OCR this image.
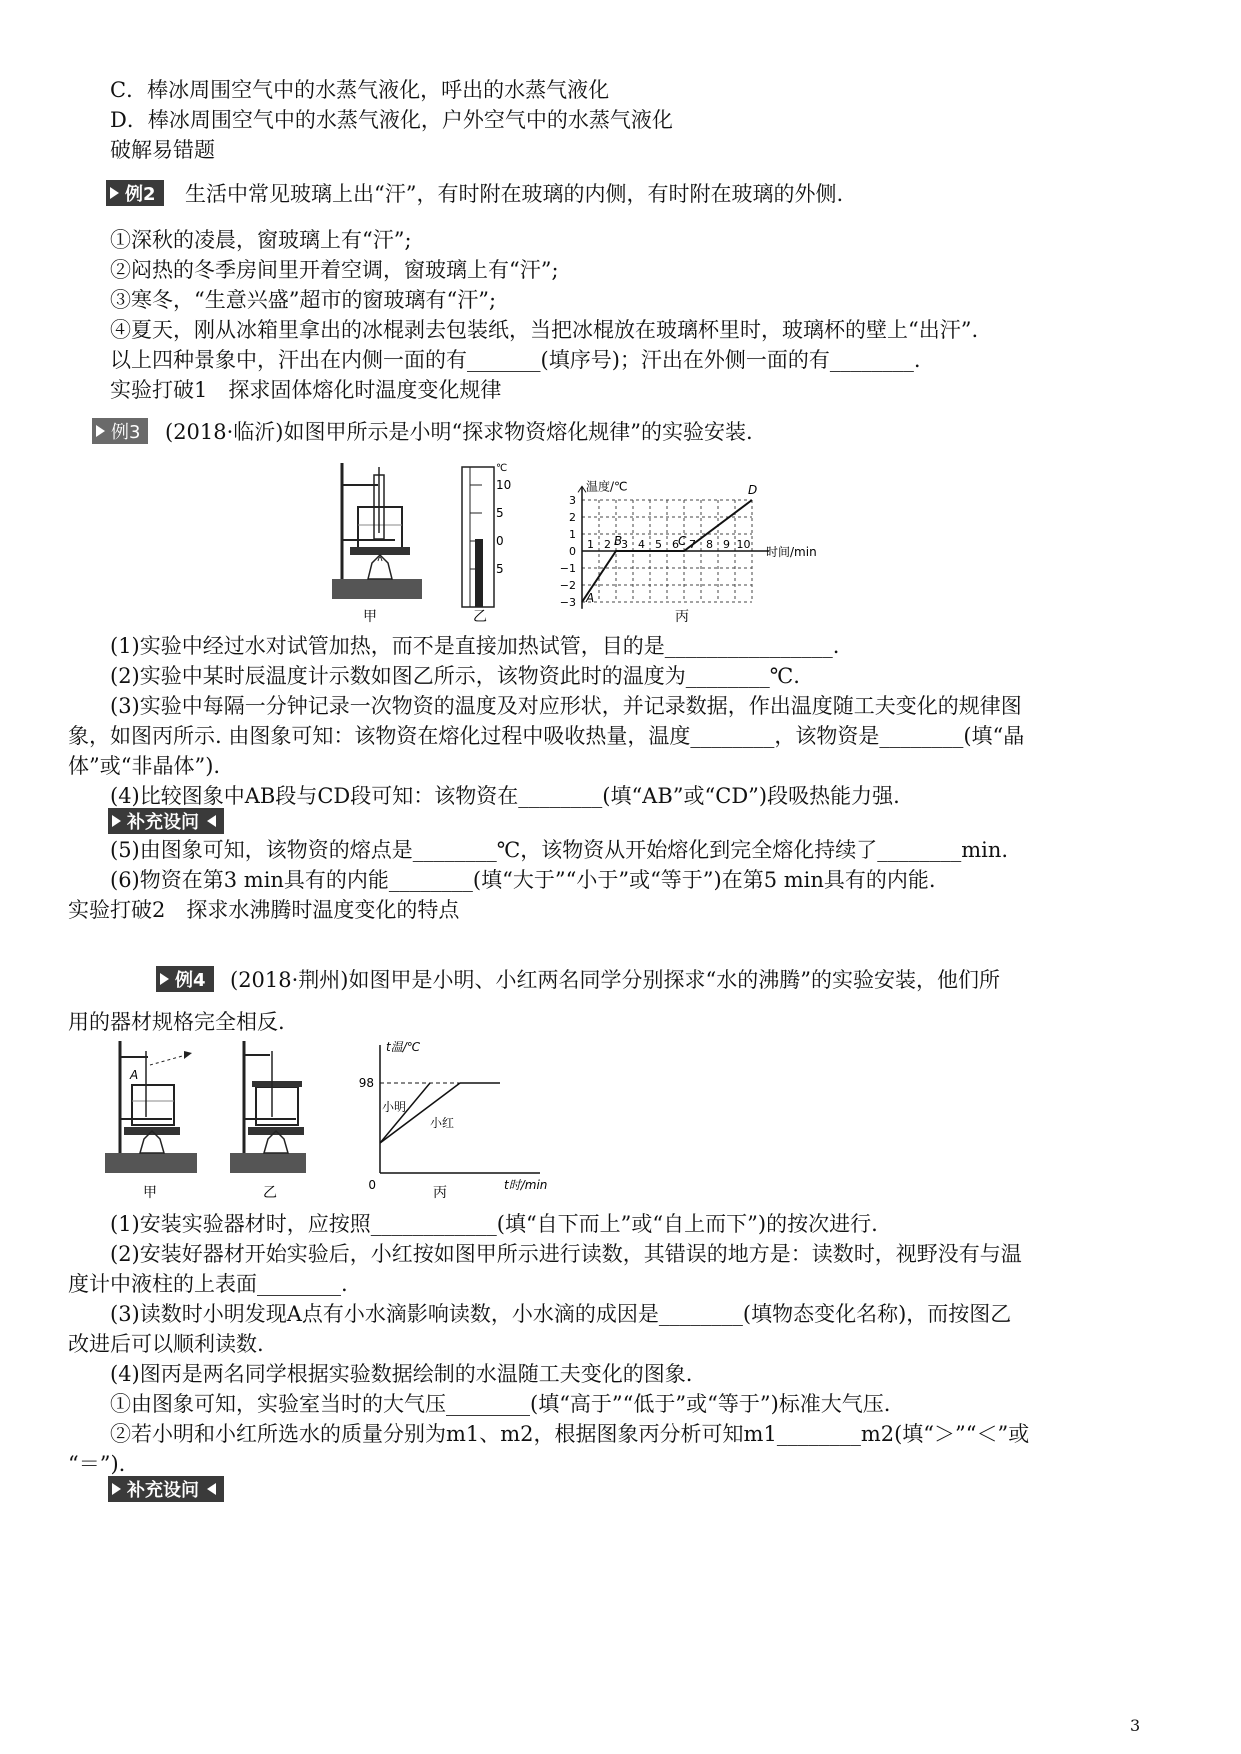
C．棒冰周围空气中的水蒸气液化，呼出的水蒸气液化
D．棒冰周围空气中的水蒸气液化，户外空气中的水蒸气液化
破解易错题
例2 生活中常见玻璃上出“汗”，有时附在玻璃的内侧，有时附在玻璃的外侧.
①深秋的凌晨，窗玻璃上有“汗”;
②闷热的冬季房间里开着空调，窗玻璃上有“汗”;
③寒冬，“生意兴盛”超市的窗玻璃有“汗”;
④夏天，刚从冰箱里拿出的冰棍剥去包装纸，当把冰棍放在玻璃杯里时，玻璃杯的壁上“出汗”.
以上四种景象中，汗出在内侧一面的有_______(填序号)；汗出在外侧一面的有________.
实验打破1　探求固体熔化时温度变化规律
例3 (2018·临沂)如图甲所示是小明“探求物资熔化规律”的实验安装.
甲
℃
10
5
0
5
乙
3
2
1
0
−1
−2
−3
1 2 3 4 5 6 7 8 9 10
温度/℃
时间/min
A
B	C
D
丙
(1)实验中经过水对试管加热，而不是直接加热试管，目的是________________.
(2)实验中某时辰温度计示数如图乙所示，该物资此时的温度为________℃.
(3)实验中每隔一分钟记录一次物资的温度及对应形状，并记录数据，作出温度随工夫变化的规律图
象，如图丙所示. 由图象可知：该物资在熔化过程中吸收热量，温度________，该物资是________(填“晶
体”或“非晶体”).
(4)比较图象中AB段与CD段可知：该物资在________(填“AB”或“CD”)段吸热能力强.
补充设问
(5)由图象可知，该物资的熔点是________℃，该物资从开始熔化到完全熔化持续了________min.
(6)物资在第3 min具有的内能________(填“大于”“小于”或“等于”)在第5 min具有的内能.
实验打破2　探求水沸腾时温度变化的特点
例4 (2018·荆州)如图甲是小明、小红两名同学分别探求“水的沸腾”的实验安装，他们所
用的器材规格完全相反.
A
甲	乙
98
0
t温/℃
t时/min
小明
小红
丙
(1)安装实验器材时，应按照____________(填“自下而上”或“自上而下”)的按次进行.
(2)安装好器材开始实验后，小红按如图甲所示进行读数，其错误的地方是：读数时，视野没有与温
度计中液柱的上表面________.
(3)读数时小明发现A点有小水滴影响读数，小水滴的成因是________(填物态变化名称)，而按图乙
改进后可以顺利读数.
(4)图丙是两名同学根据实验数据绘制的水温随工夫变化的图象.
①由图象可知，实验室当时的大气压________(填“高于”“低于”或“等于”)标准大气压.
②若小明和小红所选水的质量分别为m1、m2，根据图象丙分析可知m1________m2(填“＞”“＜”或
“＝”).
补充设问
3
